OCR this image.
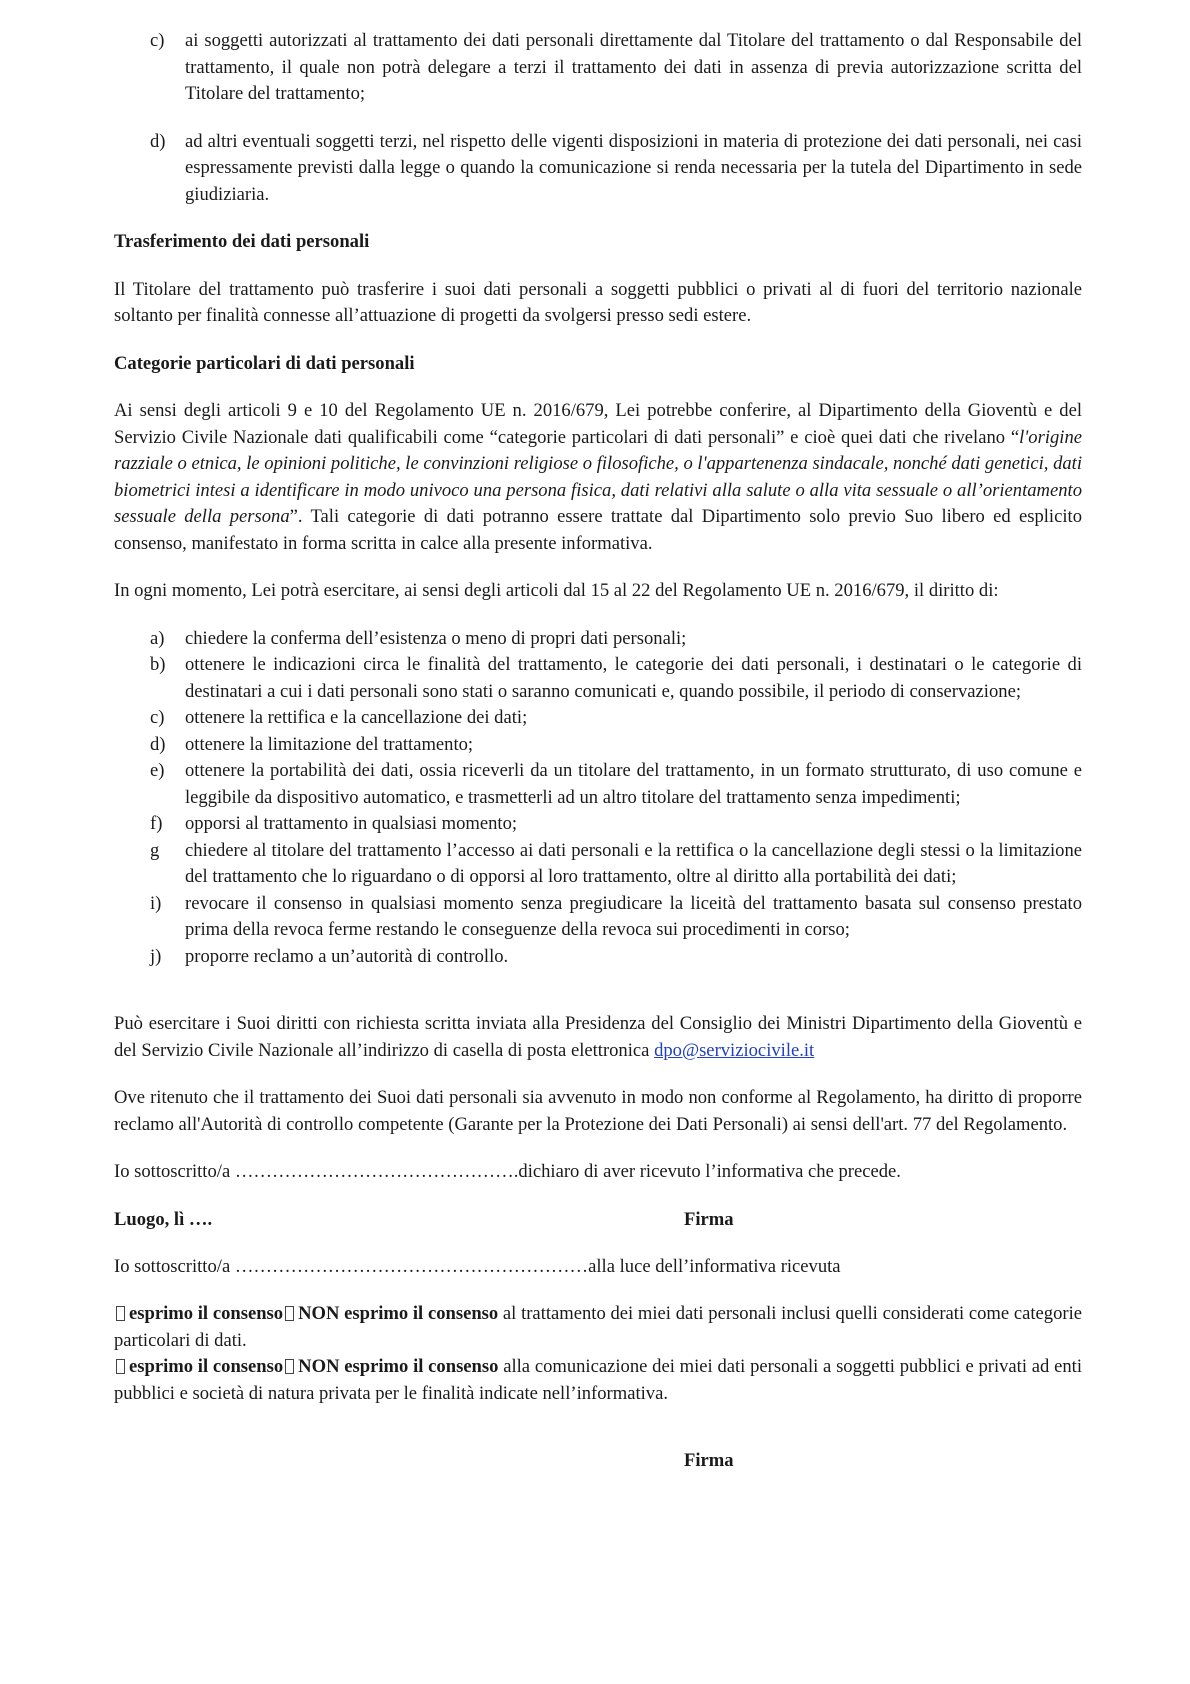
c) ai soggetti autorizzati al trattamento dei dati personali direttamente dal Titolare del trattamento o dal Responsabile del trattamento, il quale non potrà delegare a terzi il trattamento dei dati in assenza di previa autorizzazione scritta del Titolare del trattamento;
d) ad altri eventuali soggetti terzi, nel rispetto delle vigenti disposizioni in materia di protezione dei dati personali, nei casi espressamente previsti dalla legge o quando la comunicazione si renda necessaria per la tutela del Dipartimento in sede giudiziaria.

Trasferimento dei dati personali

Il Titolare del trattamento può trasferire i suoi dati personali a soggetti pubblici o privati al di fuori del territorio nazionale soltanto per finalità connesse all’attuazione di progetti da svolgersi presso sedi estere.

Categorie particolari di dati personali

Ai sensi degli articoli 9 e 10 del Regolamento UE n. 2016/679, Lei potrebbe conferire, al Dipartimento della Gioventù e del Servizio Civile Nazionale dati qualificabili come “categorie particolari di dati personali” e cioè quei dati che rivelano “l'origine razziale o etnica, le opinioni politiche, le convinzioni religiose o filosofiche, o l'appartenenza sindacale, nonché dati genetici, dati biometrici intesi a identificare in modo univoco una persona fisica, dati relativi alla salute o alla vita sessuale o all’orientamento sessuale della persona”. Tali categorie di dati potranno essere trattate dal Dipartimento solo previo Suo libero ed esplicito consenso, manifestato in forma scritta in calce alla presente informativa.

In ogni momento, Lei potrà esercitare, ai sensi degli articoli dal 15 al 22 del Regolamento UE n. 2016/679, il diritto di:

a) chiedere la conferma dell’esistenza o meno di propri dati personali;
b) ottenere le indicazioni circa le finalità del trattamento, le categorie dei dati personali, i destinatari o le categorie di destinatari a cui i dati personali sono stati o saranno comunicati e, quando possibile, il periodo di conservazione;
c) ottenere la rettifica e la cancellazione dei dati;
d) ottenere la limitazione del trattamento;
e) ottenere la portabilità dei dati, ossia riceverli da un titolare del trattamento, in un formato strutturato, di uso comune e leggibile da dispositivo automatico, e trasmetterli ad un altro titolare del trattamento senza impedimenti;
f) opporsi al trattamento in qualsiasi momento;
g chiedere al titolare del trattamento l’accesso ai dati personali e la rettifica o la cancellazione degli stessi o la limitazione del trattamento che lo riguardano o di opporsi al loro trattamento, oltre al diritto alla portabilità dei dati;
i) revocare il consenso in qualsiasi momento senza pregiudicare la liceità del trattamento basata sul consenso prestato prima della revoca ferme restando le conseguenze della revoca sui procedimenti in corso;
j) proporre reclamo a un’autorità di controllo.

Può esercitare i Suoi diritti con richiesta scritta inviata alla Presidenza del Consiglio dei Ministri Dipartimento della Gioventù e del Servizio Civile Nazionale all’indirizzo di casella di posta elettronica dpo@serviziocivile.it

Ove ritenuto che il trattamento dei Suoi dati personali sia avvenuto in modo non conforme al Regolamento, ha diritto di proporre reclamo all'Autorità di controllo competente (Garante per la Protezione dei Dati Personali) ai sensi dell'art. 77 del Regolamento.

Io sottoscritto/a ……………………………………….dichiaro di aver ricevuto l’informativa che precede.

Luogo, lì ….	Firma

Io sottoscritto/a …………………………………………………alla luce dell’informativa ricevuta

esprimo il consenso NON esprimo il consenso al trattamento dei miei dati personali inclusi quelli considerati come categorie particolari di dati.

esprimo il consenso NON esprimo il consenso alla comunicazione dei miei dati personali a soggetti pubblici e privati ad enti pubblici e società di natura privata per le finalità indicate nell’informativa.

Firma
